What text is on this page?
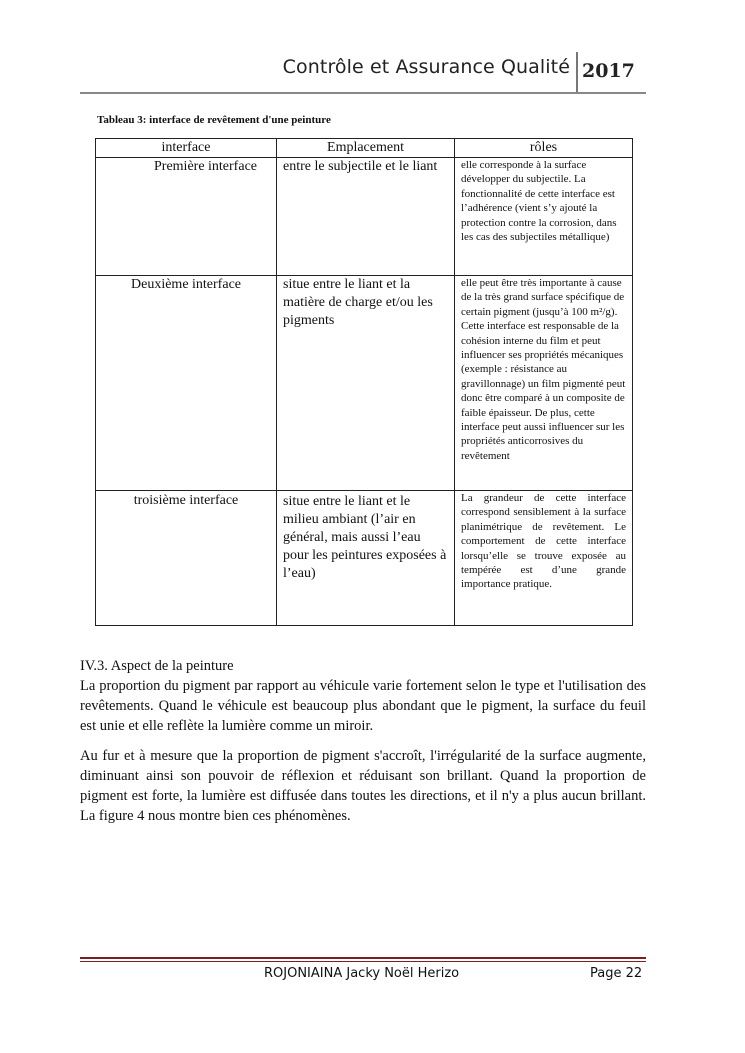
Contrôle et Assurance Qualité 2017
Tableau 3: interface de revêtement d'une peinture
interface	Emplacement	rôles
Première interface	entre le subjectile et le liant	elle corresponde à la surface développer du subjectile. La fonctionnalité de cette interface est l’adhérence (vient s’y ajouté la protection contre la corrosion, dans les cas des subjectiles métallique)
Deuxième interface	situe entre le liant et la matière de charge et/ou les pigments	elle peut être très importante à cause de la très grand surface spécifique de certain pigment (jusqu’à 100 m²/g). Cette interface est responsable de la cohésion interne du film et peut influencer ses propriétés mécaniques (exemple : résistance au gravillonnage) un film pigmenté peut donc être comparé à un composite de faible épaisseur. De plus, cette interface peut aussi influencer sur les propriétés anticorrosives du revêtement
troisième interface	situe entre le liant et le milieu ambiant (l’air en général, mais aussi l’eau pour les peintures exposées à l’eau)	La grandeur de cette interface correspond sensiblement à la surface planimétrique de revêtement. Le comportement de cette interface lorsqu’elle se trouve exposée au tempérée est d’une grande importance pratique.
IV.3. Aspect de la peinture
La proportion du pigment par rapport au véhicule varie fortement selon le type et l'utilisation des revêtements. Quand le véhicule est beaucoup plus abondant que le pigment, la surface du feuil est unie et elle reflète la lumière comme un miroir.
Au fur et à mesure que la proportion de pigment s'accroît, l'irrégularité de la surface augmente, diminuant ainsi son pouvoir de réflexion et réduisant son brillant. Quand la proportion de pigment est forte, la lumière est diffusée dans toutes les directions, et il n'y a plus aucun brillant. La figure 4 nous montre bien ces phénomènes.
ROJONIAINA Jacky Noël Herizo	Page 22
